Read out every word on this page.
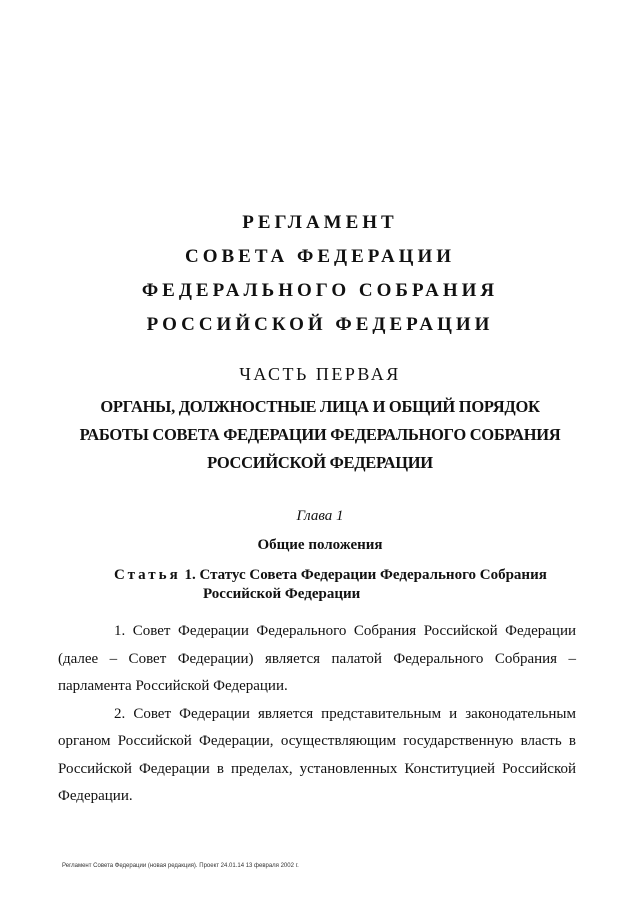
РЕГЛАМЕНТ
СОВЕТА ФЕДЕРАЦИИ
ФЕДЕРАЛЬНОГО СОБРАНИЯ
РОССИЙСКОЙ ФЕДЕРАЦИИ
ЧАСТЬ ПЕРВАЯ
ОРГАНЫ, ДОЛЖНОСТНЫЕ ЛИЦА И ОБЩИЙ ПОРЯДОК
РАБОТЫ СОВЕТА ФЕДЕРАЦИИ ФЕДЕРАЛЬНОГО СОБРАНИЯ
РОССИЙСКОЙ ФЕДЕРАЦИИ
Глава 1
Общие положения
Статья 1. Статус Совета Федерации Федерального Собрания
Российской Федерации

1. Совет Федерации Федерального Собрания Российской Федерации (далее – Совет Федерации) является палатой Федерального Собрания – парламента Российской Федерации.

2. Совет Федерации является представительным и законодательным органом Российской Федерации, осуществляющим государственную власть в Российской Федерации в пределах, установленных Конституцией Российской Федерации.

Регламент Совета Федерации (новая редакция). Проект 24.01.14 13 февраля 2002 г.
